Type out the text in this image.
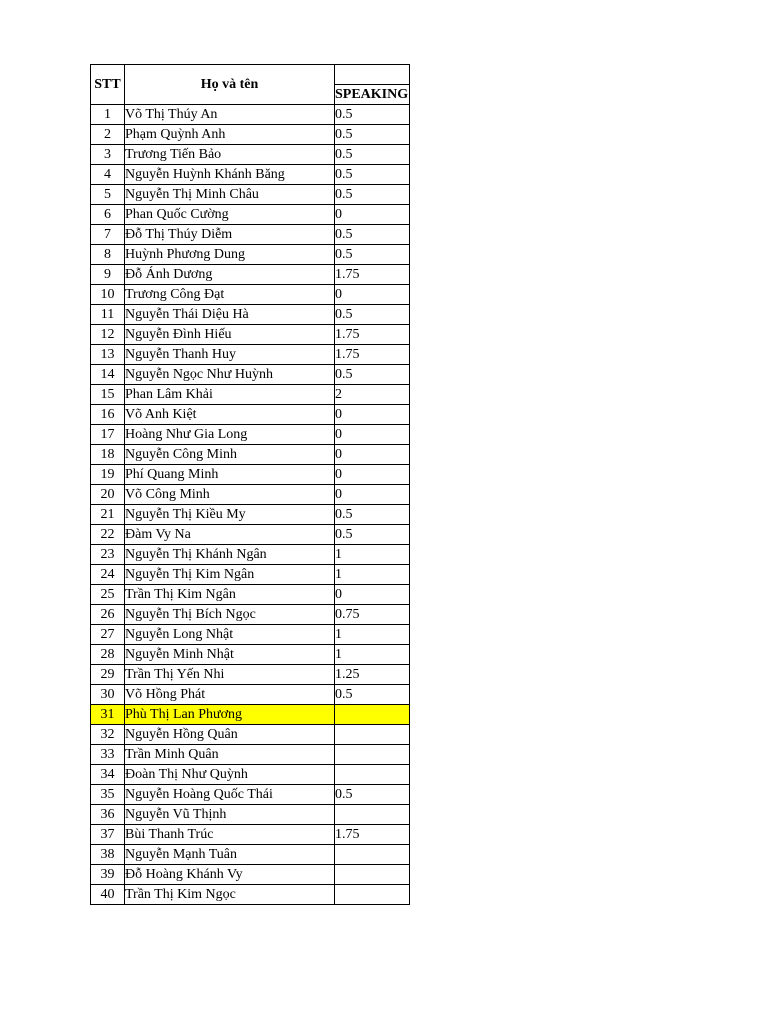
STT	Họ và tên	
		SPEAKING
1	Võ Thị Thúy An	0.5
2	Phạm Quỳnh Anh	0.5
3	Trương Tiến Bảo	0.5
4	Nguyễn Huỳnh Khánh Băng	0.5
5	Nguyễn Thị Minh Châu	0.5
6	Phan Quốc Cường	0
7	Đỗ Thị Thúy Diễm	0.5
8	Huỳnh Phương Dung	0.5
9	Đỗ Ánh Dương	1.75
10	Trương Công Đạt	0
11	Nguyễn Thái Diệu Hà	0.5
12	Nguyễn Đình Hiếu	1.75
13	Nguyễn Thanh Huy	1.75
14	Nguyễn Ngọc Như Huỳnh	0.5
15	Phan Lâm Khải	2
16	Võ Anh Kiệt	0
17	Hoàng Như Gia Long	0
18	Nguyễn Công Minh	0
19	Phí Quang Minh	0
20	Võ Công Minh	0
21	Nguyễn Thị Kiều My	0.5
22	Đàm Vy Na	0.5
23	Nguyễn Thị Khánh Ngân	1
24	Nguyễn Thị Kim Ngân	1
25	Trần Thị Kim Ngân	0
26	Nguyễn Thị Bích Ngọc	0.75
27	Nguyễn Long Nhật	1
28	Nguyễn Minh Nhật	1
29	Trần Thị Yến Nhi	1.25
30	Võ Hồng Phát	0.5
31	Phù Thị Lan Phương	
32	Nguyễn Hồng Quân	
33	Trần Minh Quân	
34	Đoàn Thị Như Quỳnh	
35	Nguyễn Hoàng Quốc Thái	0.5
36	Nguyễn Vũ Thịnh	
37	Bùi Thanh Trúc	1.75
38	Nguyễn Mạnh Tuân	
39	Đỗ Hoàng Khánh Vy	
40	Trần Thị Kim Ngọc	
